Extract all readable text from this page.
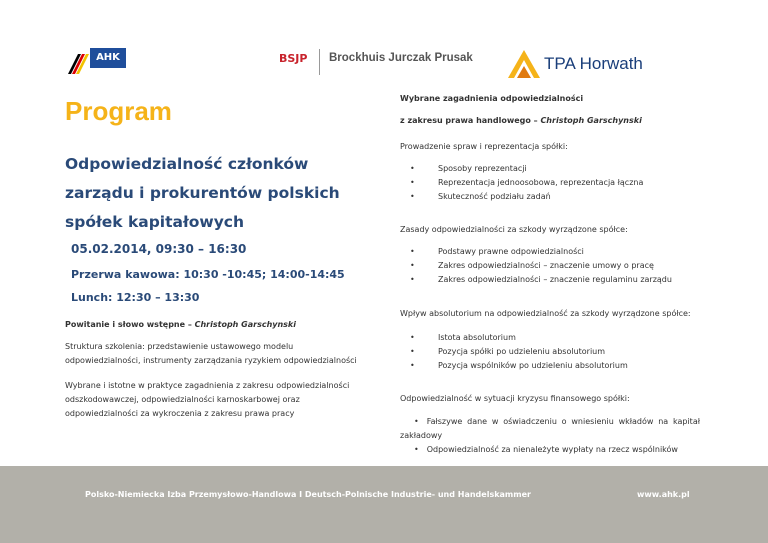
AHK	BSJP Brockhuis Jurczak Prusak	TPA Horwath
Program
Odpowiedzialność członków zarządu i prokurentów polskich spółek kapitałowych
05.02.2014, 09:30 – 16:30
Przerwa kawowa: 10:30 -10:45; 14:00-14:45
Lunch: 12:30 – 13:30
Powitanie i słowo wstępne – Christoph Garschynski
Struktura szkolenia: przedstawienie ustawowego modelu odpowiedzialności, instrumenty zarządzania ryzykiem odpowiedzialności
Wybrane i istotne w praktyce zagadnienia z zakresu odpowiedzialności odszkodowawczej, odpowiedzialności karnoskarbowej oraz odpowiedzialności za wykroczenia z zakresu prawa pracy
Wybrane zagadnienia odpowiedzialności
z zakresu prawa handlowego – Christoph Garschynski
Prowadzenie spraw i reprezentacja spółki:
•	Sposoby reprezentacji
•	Reprezentacja jednoosobowa, reprezentacja łączna
•	Skuteczność podziału zadań
Zasady odpowiedzialności za szkody wyrządzone spółce:
•	Podstawy prawne odpowiedzialności
•	Zakres odpowiedzialności – znaczenie umowy o pracę
•	Zakres odpowiedzialności – znaczenie regulaminu zarządu
Wpływ absolutorium na odpowiedzialność za szkody wyrządzone spółce:
•	Istota absolutorium
•	Pozycja spółki po udzieleniu absolutorium
•	Pozycja wspólników po udzieleniu absolutorium
Odpowiedzialność w sytuacji kryzysu finansowego spółki:
• Fałszywe dane w oświadczeniu o wniesieniu wkładów na kapitał zakładowy
• Odpowiedzialność za nienależyte wypłaty na rzecz wspólników
Polsko-Niemiecka Izba Przemysłowo-Handlowa I Deutsch-Polnische Industrie- und Handelskammer	www.ahk.pl
